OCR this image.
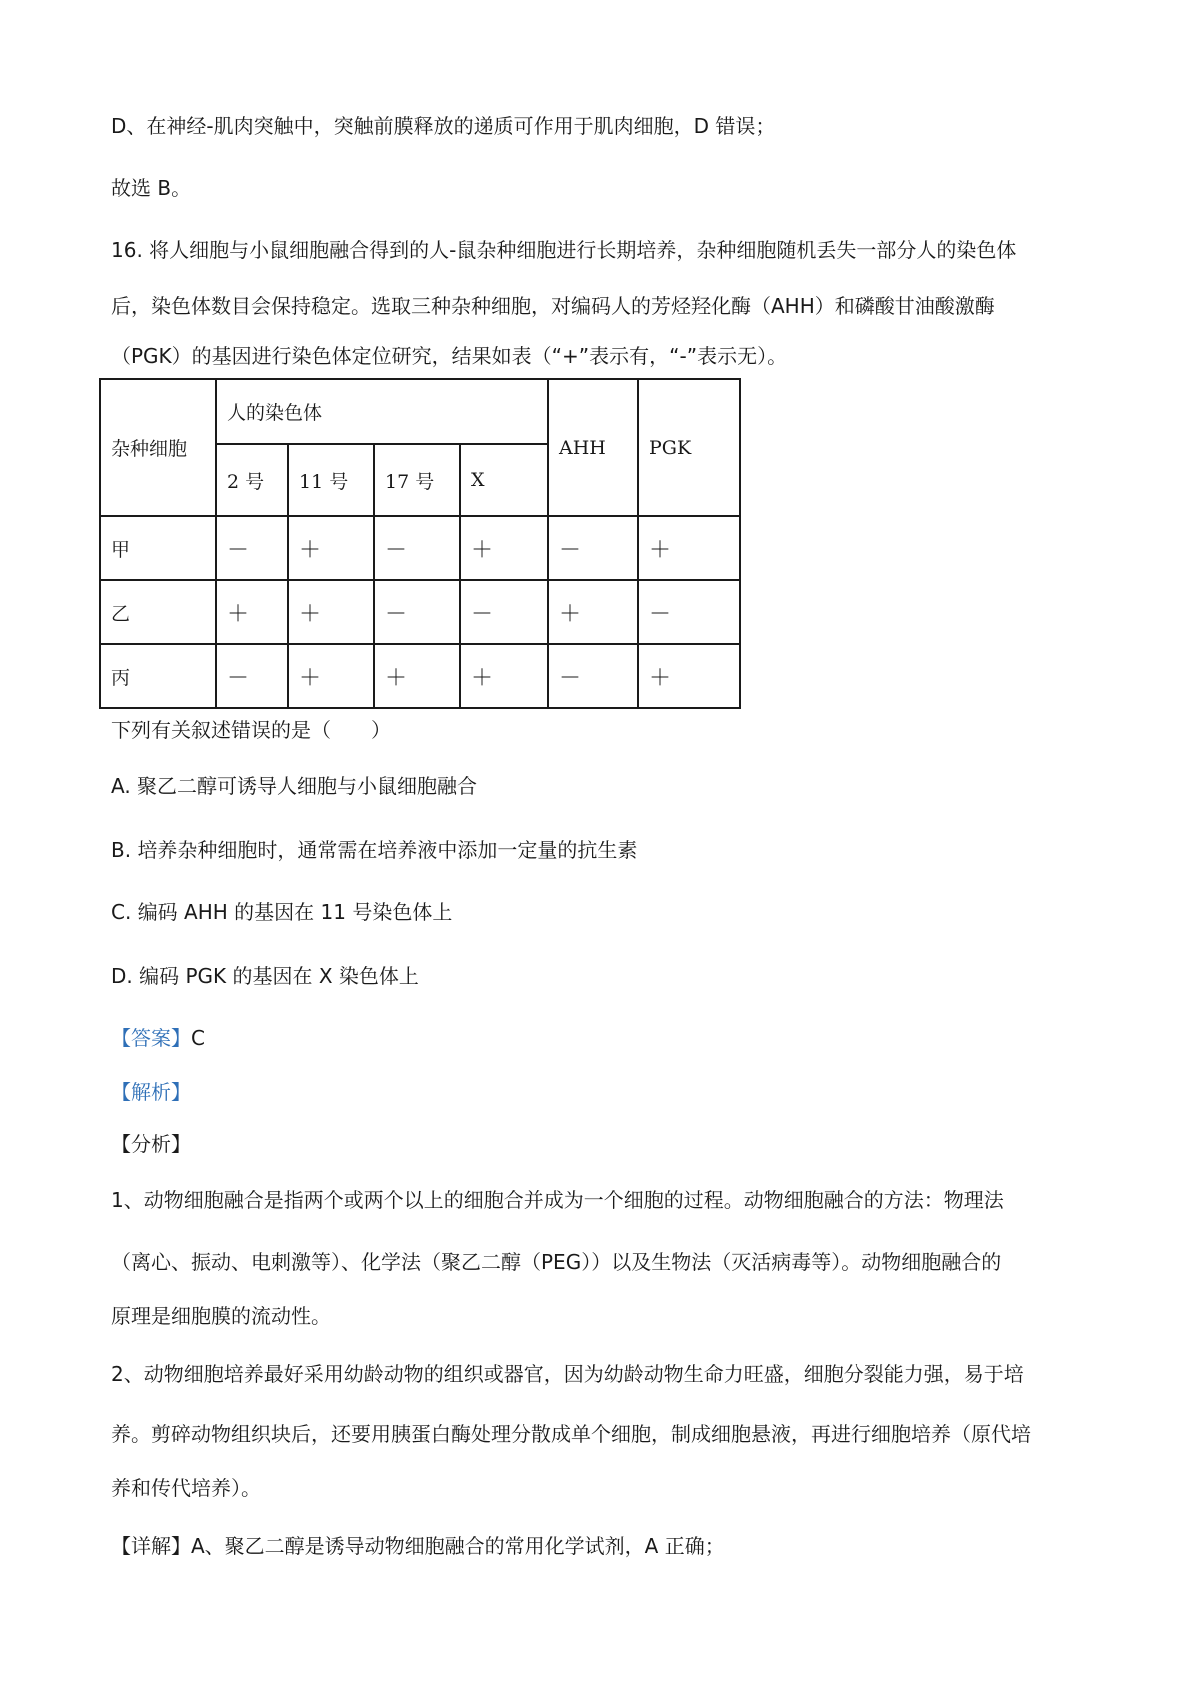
D、在神经-肌肉突触中，突触前膜释放的递质可作用于肌肉细胞，D 错误；
故选 B。
16. 将人细胞与小鼠细胞融合得到的人-鼠杂种细胞进行长期培养，杂种细胞随机丢失一部分人的染色体
后，染色体数目会保持稳定。选取三种杂种细胞，对编码人的芳烃羟化酶（AHH）和磷酸甘油酸激酶
（PGK）的基因进行染色体定位研究，结果如表（“+”表示有，“-”表示无）。
杂种细胞	人的染色体				AHH	PGK
	2 号	11 号	17 号	X		
甲	－	＋	－	＋	－	＋
乙	＋	＋	－	－	＋	－
丙	－	＋	＋	＋	－	＋
下列有关叙述错误的是（　　）
A. 聚乙二醇可诱导人细胞与小鼠细胞融合
B. 培养杂种细胞时，通常需在培养液中添加一定量的抗生素
C. 编码 AHH 的基因在 11 号染色体上
D. 编码 PGK 的基因在 X 染色体上
【答案】C
【解析】
【分析】
1、动物细胞融合是指两个或两个以上的细胞合并成为一个细胞的过程。动物细胞融合的方法：物理法
（离心、振动、电刺激等）、化学法（聚乙二醇（PEG））以及生物法（灭活病毒等）。动物细胞融合的
原理是细胞膜的流动性。
2、动物细胞培养最好采用幼龄动物的组织或器官，因为幼龄动物生命力旺盛，细胞分裂能力强，易于培
养。剪碎动物组织块后，还要用胰蛋白酶处理分散成单个细胞，制成细胞悬液，再进行细胞培养（原代培
养和传代培养）。
【详解】A、聚乙二醇是诱导动物细胞融合的常用化学试剂，A 正确；
